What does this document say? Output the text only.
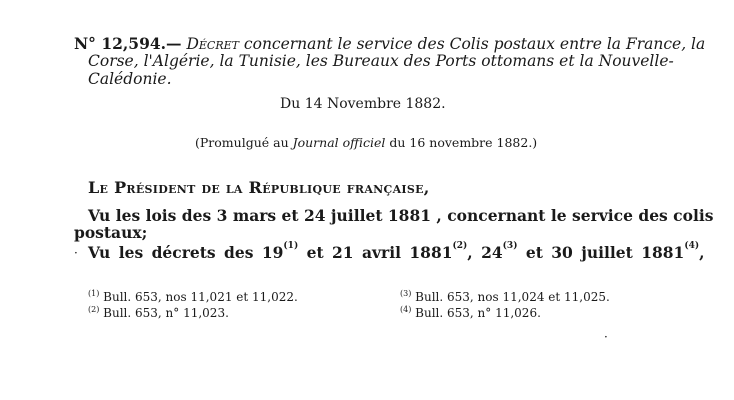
N° 12,594.— Décret concernant le service des Colis postaux entre la France, la
Corse, l'Algérie, la Tunisie, les Bureaux des Ports ottomans et la Nouvelle-
Calédonie.
Du 14 Novembre 1882.
(Promulgué au Journal officiel du 16 novembre 1882.)
Le Président de la République française,
Vu les lois des 3 mars et 24 juillet 1881 , concernant le service des colis
postaux;
· Vu les décrets des 19$^{(1)}$ et 21 avril 1881$^{(2)}$, 24$^{(3)}$ et 30 juillet 1881$^{(4)}$,
$^{(1)}$ Bull. 653, nos 11,021 et 11,022.
$^{(2)}$ Bull. 653, n° 11,023.
$^{(3)}$ Bull. 653, nos 11,024 et 11,025.
$^{(4)}$ Bull. 653, n° 11,026.
·
